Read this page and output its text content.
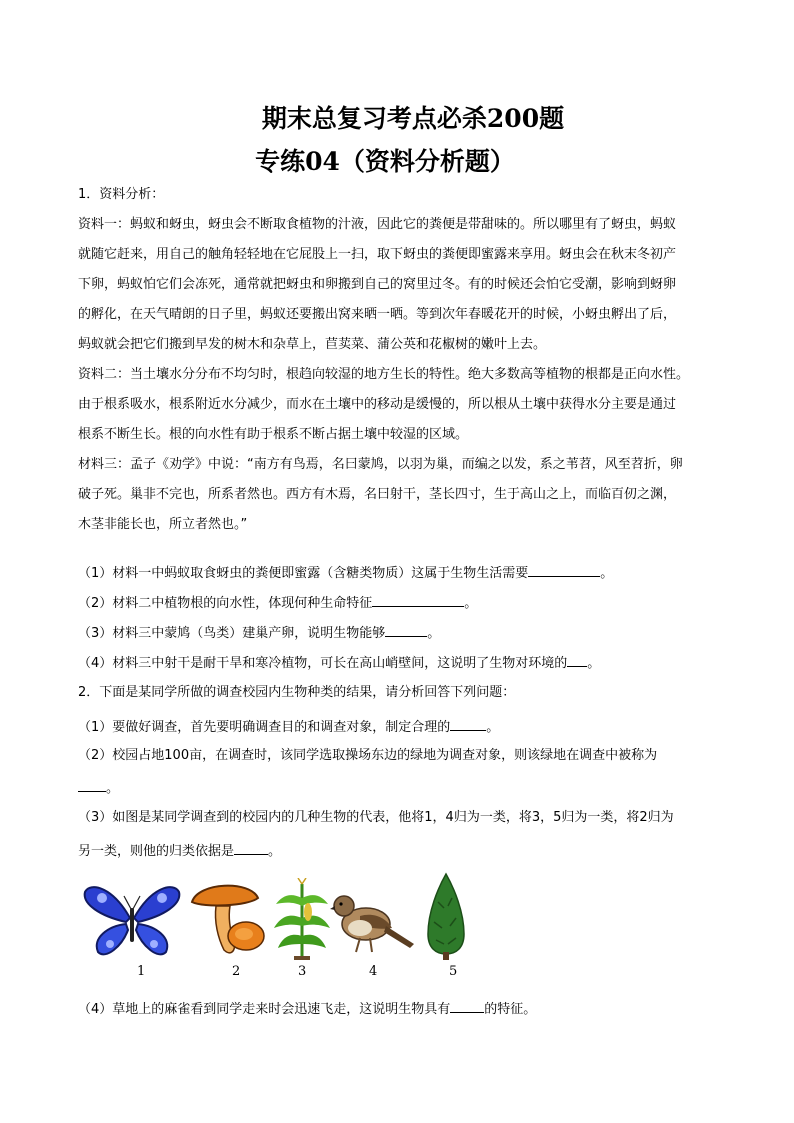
期末总复习考点必杀200题
专练04（资料分析题）
1．资料分析：
资料一：蚂蚁和蚜虫，蚜虫会不断取食植物的汁液，因此它的粪便是带甜味的。所以哪里有了蚜虫，蚂蚁
就随它赶来，用自己的触角轻轻地在它屁股上一扫，取下蚜虫的粪便即蜜露来享用。蚜虫会在秋末冬初产
下卵，蚂蚁怕它们会冻死，通常就把蚜虫和卵搬到自己的窝里过冬。有的时候还会怕它受潮，影响到蚜卵
的孵化，在天气晴朗的日子里，蚂蚁还要搬出窝来晒一晒。等到次年春暖花开的时候，小蚜虫孵出了后，
蚂蚁就会把它们搬到早发的树木和杂草上，苣荬菜、蒲公英和花椒树的嫩叶上去。
资料二：当土壤水分分布不均匀时，根趋向较湿的地方生长的特性。绝大多数高等植物的根都是正向水性。
由于根系吸水，根系附近水分减少，而水在土壤中的移动是缓慢的，所以根从土壤中获得水分主要是通过
根系不断生长。根的向水性有助于根系不断占据土壤中较湿的区域。
材料三：孟子《劝学》中说：“南方有鸟焉，名曰蒙鸠，以羽为巢，而编之以发，系之苇苕，风至苕折，卵
破子死。巢非不完也，所系者然也。西方有木焉，名曰射干，茎长四寸，生于高山之上，而临百仞之渊，
木茎非能长也，所立者然也。”
（1）材料一中蚂蚁取食蚜虫的粪便即蜜露（含糖类物质）这属于生物生活需要	。
（2）材料二中植物根的向水性，体现何种生命特征	。
（3）材料三中蒙鸠（鸟类）建巢产卵，说明生物能够	。
（4）材料三中射干是耐干旱和寒冷植物，可长在高山峭壁间，这说明了生物对环境的 。
2．下面是某同学所做的调查校园内生物种类的结果，请分析回答下列问题：
（1）要做好调查，首先要明确调查目的和调查对象，制定合理的	。
（2）校园占地100亩，在调查时，该同学选取操场东边的绿地为调查对象，则该绿地在调查中被称为
。
（3）如图是某同学调查到的校园内的几种生物的代表，他将1，4归为一类，将3，5归为一类，将2归为
另一类，则他的归类依据是	。
1	2	3	4	5
（4）草地上的麻雀看到同学走来时会迅速飞走，这说明生物具有	的特征。
